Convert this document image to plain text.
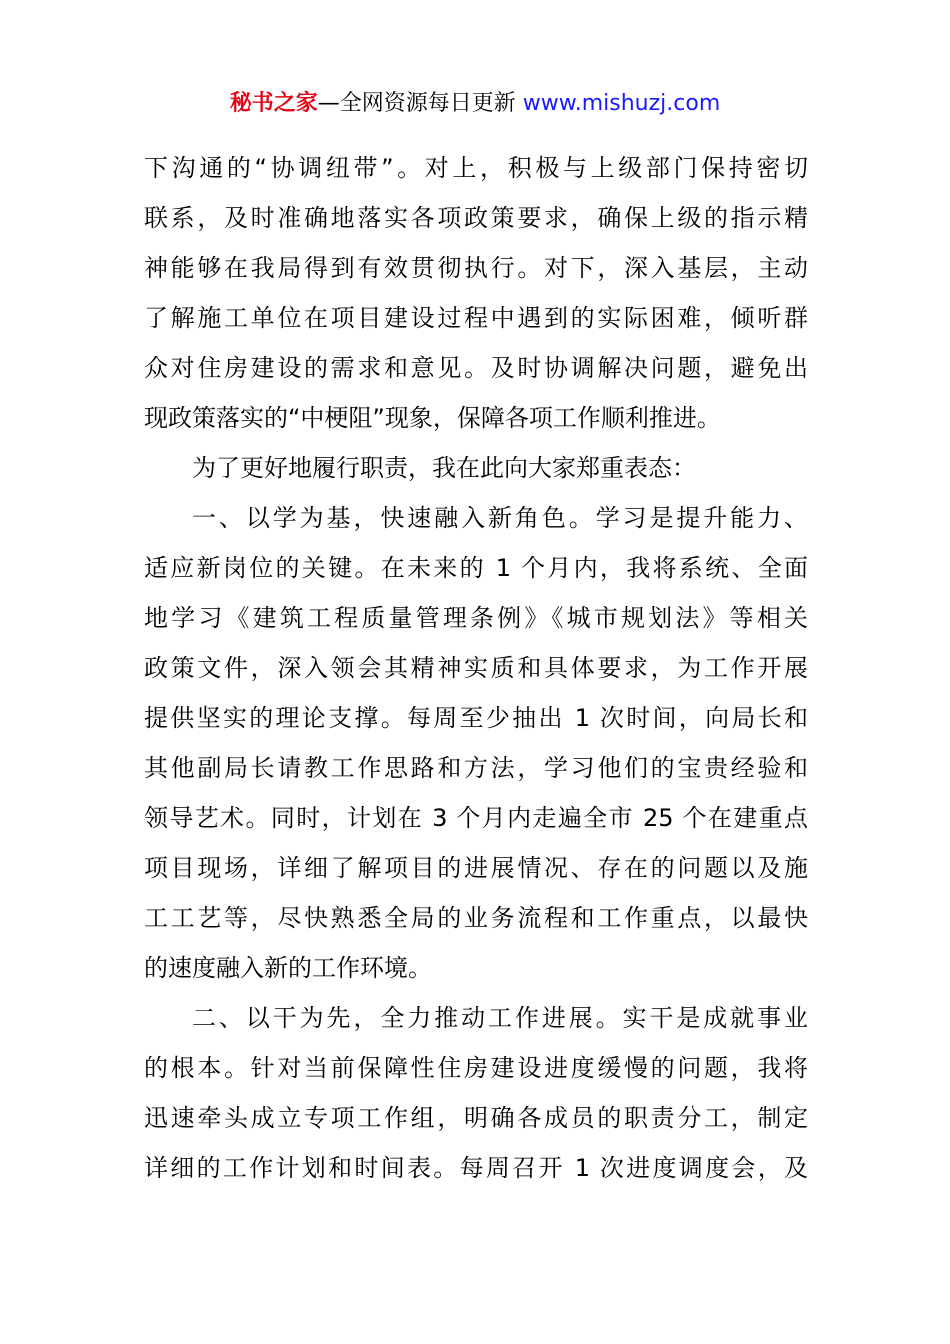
秘书之家—全网资源每日更新 www.mishuzj.com
下沟通的“协调纽带”。对上，积极与上级部门保持密切
联系，及时准确地落实各项政策要求，确保上级的指示精
神能够在我局得到有效贯彻执行。对下，深入基层，主动
了解施工单位在项目建设过程中遇到的实际困难，倾听群
众对住房建设的需求和意见。及时协调解决问题，避免出
现政策落实的“中梗阻”现象，保障各项工作顺利推进。
为了更好地履行职责，我在此向大家郑重表态：
一、以学为基，快速融入新角色。学习是提升能力、
适应新岗位的关键。在未来的 1 个月内，我将系统、全面
地学习《建筑工程质量管理条例》《城市规划法》等相关
政策文件，深入领会其精神实质和具体要求，为工作开展
提供坚实的理论支撑。每周至少抽出 1 次时间，向局长和
其他副局长请教工作思路和方法，学习他们的宝贵经验和
领导艺术。同时，计划在 3 个月内走遍全市 25 个在建重点
项目现场，详细了解项目的进展情况、存在的问题以及施
工工艺等，尽快熟悉全局的业务流程和工作重点，以最快
的速度融入新的工作环境。
二、以干为先，全力推动工作进展。实干是成就事业
的根本。针对当前保障性住房建设进度缓慢的问题，我将
迅速牵头成立专项工作组，明确各成员的职责分工，制定
详细的工作计划和时间表。每周召开 1 次进度调度会，及
